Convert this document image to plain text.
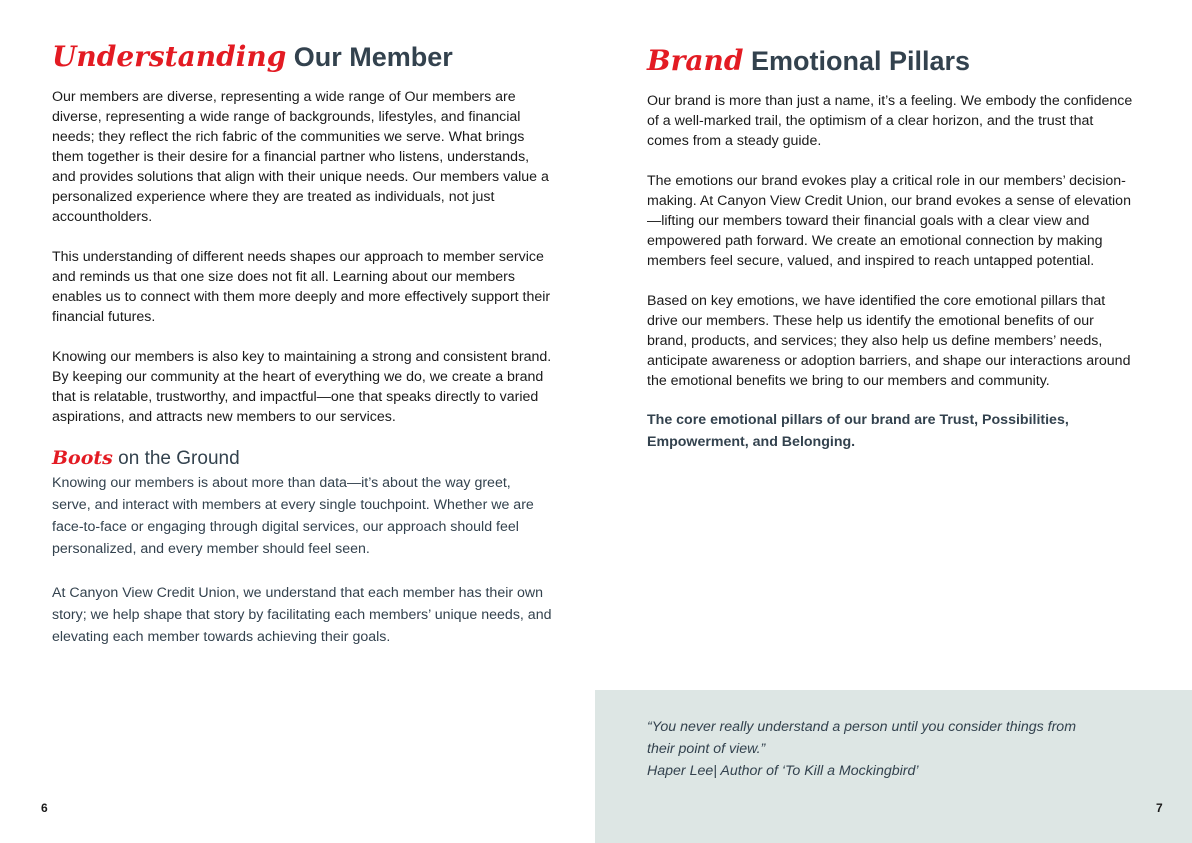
Understanding Our Member

Our members are diverse, representing a wide range of Our members are diverse, representing a wide range of backgrounds, lifestyles, and financial needs; they reflect the rich fabric of the communities we serve. What brings them together is their desire for a financial partner who listens, understands, and provides solutions that align with their unique needs. Our members value a personalized experience where they are treated as individuals, not just accountholders.

This understanding of different needs shapes our approach to member service and reminds us that one size does not fit all. Learning about our members enables us to connect with them more deeply and more effectively support their financial futures.

Knowing our members is also key to maintaining a strong and consistent brand. By keeping our community at the heart of everything we do, we create a brand that is relatable, trustworthy, and impactful—one that speaks directly to varied aspirations, and attracts new members to our services.

Boots on the Ground

Knowing our members is about more than data—it’s about the way greet, serve, and interact with members at every single touchpoint. Whether we are face-to-face or engaging through digital services, our approach should feel personalized, and every member should feel seen.

At Canyon View Credit Union, we understand that each member has their own story; we help shape that story by facilitating each members’ unique needs, and elevating each member towards achieving their goals.

Brand Emotional Pillars

Our brand is more than just a name, it’s a feeling. We embody the confidence of a well-marked trail, the optimism of a clear horizon, and the trust that comes from a steady guide.

The emotions our brand evokes play a critical role in our members’ decision-making. At Canyon View Credit Union, our brand evokes a sense of elevation—lifting our members toward their financial goals with a clear view and empowered path forward. We create an emotional connection by making members feel secure, valued, and inspired to reach untapped potential.

Based on key emotions, we have identified the core emotional pillars that drive our members. These help us identify the emotional benefits of our brand, products, and services; they also help us define members’ needs, anticipate awareness or adoption barriers, and shape our interactions around the emotional benefits we bring to our members and community.

The core emotional pillars of our brand are Trust, Possibilities, Empowerment, and Belonging.

“You never really understand a person until you consider things from
their point of view.”
Haper Lee| Author of ‘To Kill a Mockingbird’
6	7
